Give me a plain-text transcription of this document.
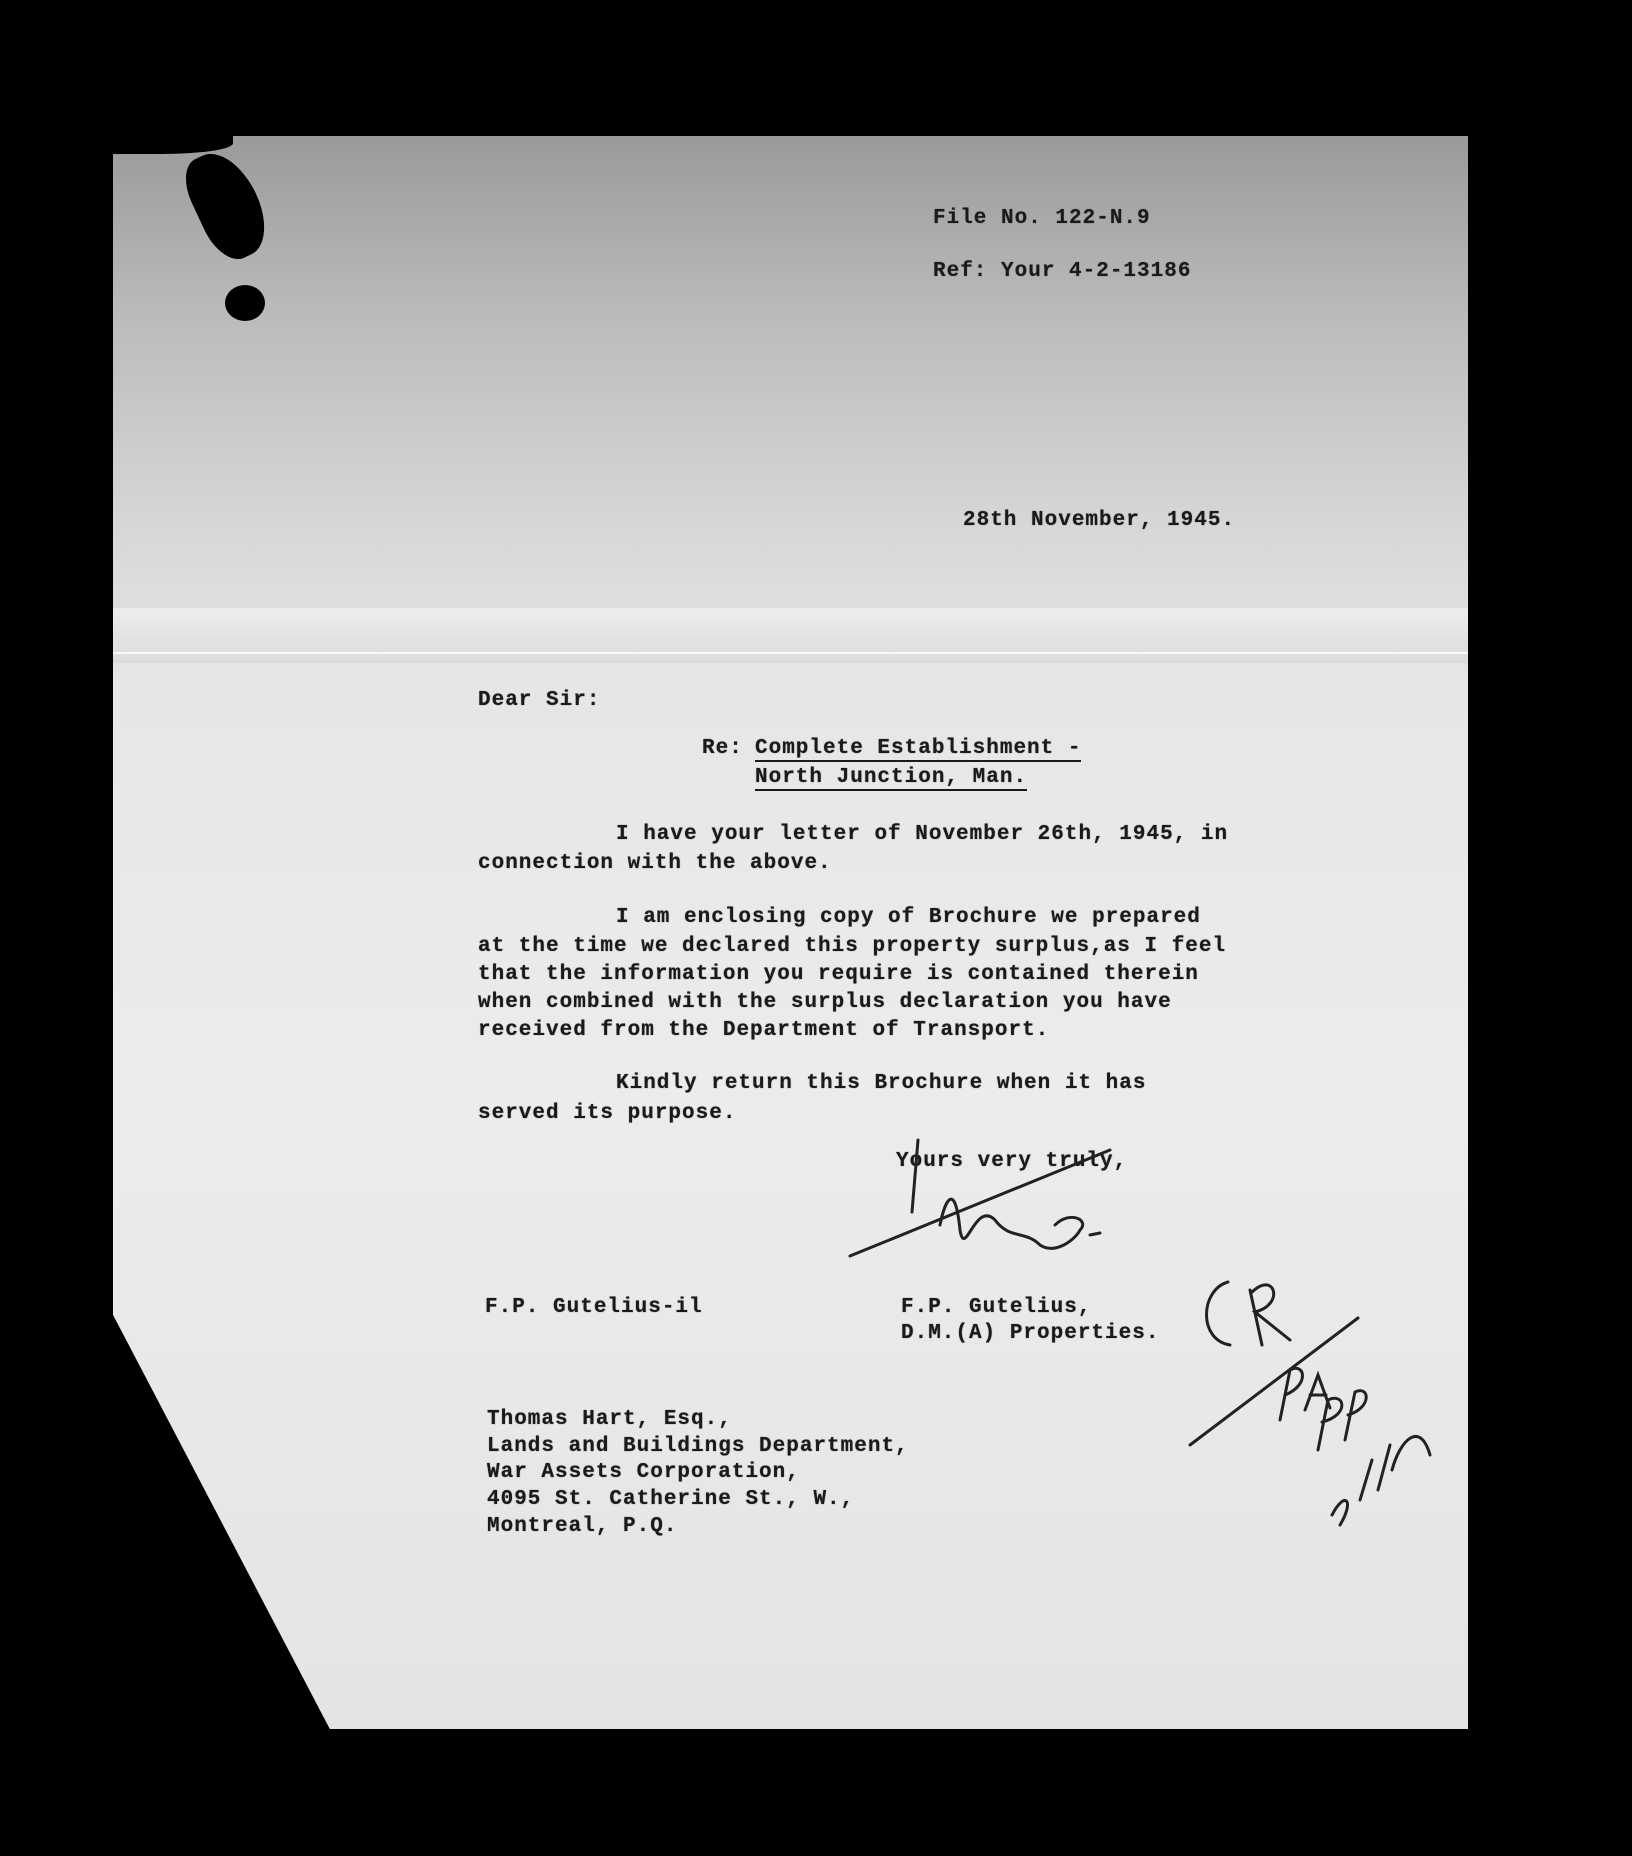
File No. 122-N.9
Ref: Your 4-2-13186
28th November, 1945.
Dear Sir:
Re: Complete Establishment -
North Junction, Man.
I have your letter of November 26th, 1945, in
connection with the above.
I am enclosing copy of Brochure we prepared
at the time we declared this property surplus,as I feel
that the information you require is contained therein
when combined with the surplus declaration you have
received from the Department of Transport.
Kindly return this Brochure when it has
served its purpose.
Yours very truly,
F.P. Gutelius-il	F.P. Gutelius,
D.M.(A) Properties.
Thomas Hart, Esq.,
Lands and Buildings Department,
War Assets Corporation,
4095 St. Catherine St., W.,
Montreal, P.Q.
